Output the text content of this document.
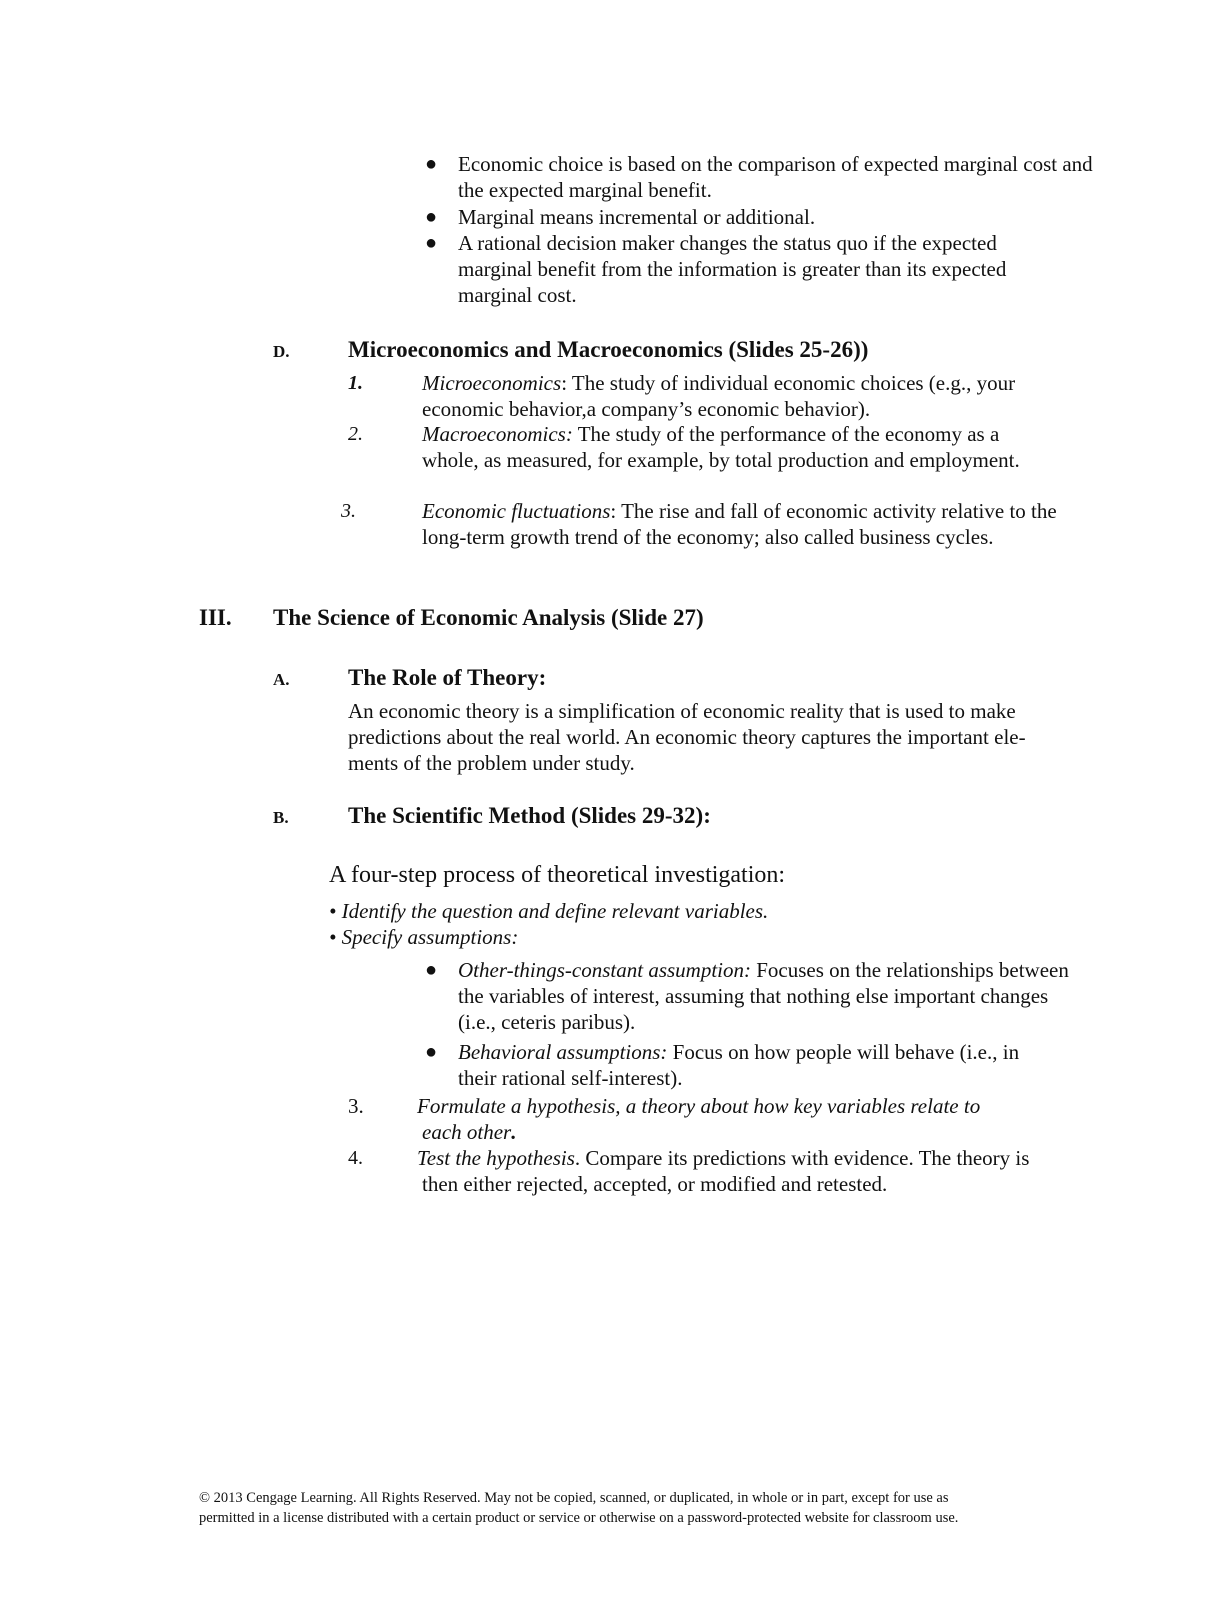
● Economic choice is based on the comparison of expected marginal cost and the expected marginal benefit.
● Marginal means incremental or additional.
● A rational decision maker changes the status quo if the expected marginal benefit from the information is greater than its expected marginal cost.
D.	Microeconomics and Macroeconomics (Slides 25-26))
1.	Microeconomics: The study of individual economic choices (e.g., your economic behavior,a company’s economic behavior).
2.	Macroeconomics: The study of the performance of the economy as a whole, as measured, for example, by total production and employment.
3.	Economic fluctuations: The rise and fall of economic activity relative to the long-term growth trend of the economy; also called business cycles.
III. The Science of Economic Analysis (Slide 27)
A.	The Role of Theory:
An economic theory is a simplification of economic reality that is used to make predictions about the real world. An economic theory captures the important ele-ments of the problem under study.
B.	The Scientific Method (Slides 29-32):
A four-step process of theoretical investigation:
• Identify the question and define relevant variables.
• Specify assumptions:
● Other-things-constant assumption: Focuses on the relationships between the variables of interest, assuming that nothing else important changes (i.e., ceteris paribus).
● Behavioral assumptions: Focus on how people will behave (i.e., in their rational self-interest).
3.	Formulate a hypothesis, a theory about how key variables relate to
each other.
4.	Test the hypothesis. Compare its predictions with evidence. The theory is
then either rejected, accepted, or modified and retested.
© 2013 Cengage Learning. All Rights Reserved. May not be copied, scanned, or duplicated, in whole or in part, except for use as
permitted in a license distributed with a certain product or service or otherwise on a password-protected website for classroom use.
